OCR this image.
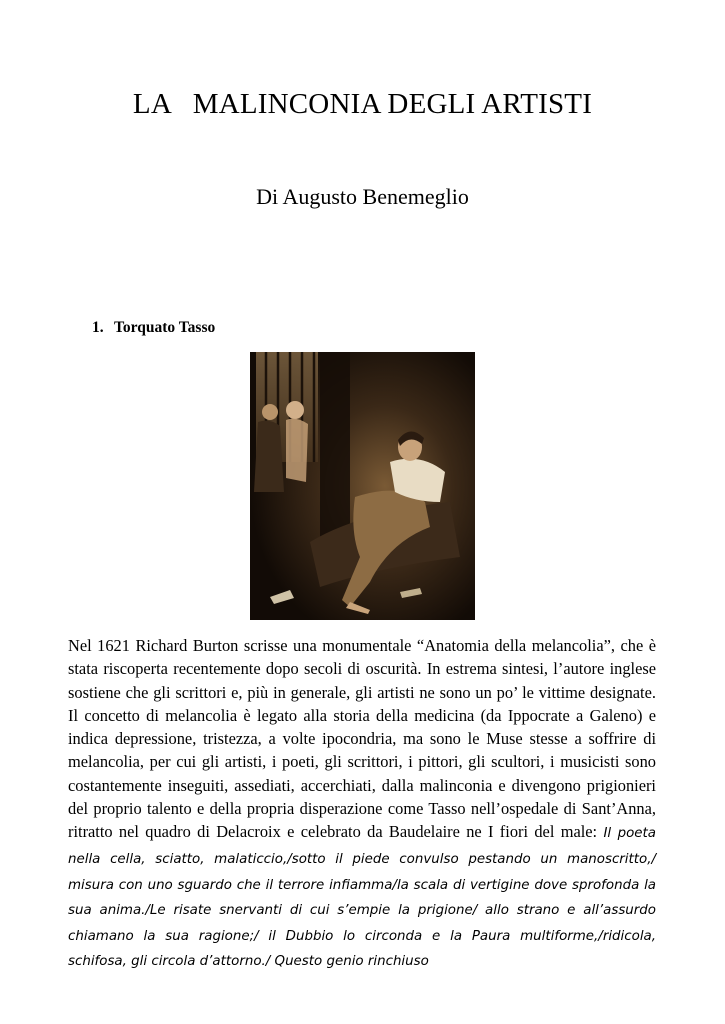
LA   MALINCONIA DEGLI ARTISTI
Di Augusto Benemeglio
1. Torquato Tasso
Nel 1621 Richard Burton scrisse una monumentale “Anatomia della melancolia”, che è stata riscoperta recentemente dopo secoli di oscurità. In estrema sintesi, l’autore inglese sostiene che gli scrittori e, più in generale, gli artisti ne sono un po’ le vittime designate. Il concetto di melancolia è legato alla storia della medicina (da Ippocrate a Galeno) e indica depressione, tristezza, a volte ipocondria, ma sono le Muse stesse a soffrire di melancolia, per cui gli artisti, i poeti, gli scrittori, i pittori, gli scultori, i musicisti sono costantemente inseguiti, assediati, accerchiati, dalla malinconia e divengono prigionieri del proprio talento e della propria disperazione come Tasso nell’ospedale di Sant’Anna, ritratto nel quadro di Delacroix e celebrato da Baudelaire ne I fiori del male: Il poeta nella cella, sciatto, malaticcio,/sotto il piede convulso pestando un manoscritto,/ misura con uno sguardo che il terrore infiamma/la scala di vertigine dove sprofonda la sua anima./Le risate snervanti di cui s’empie la prigione/ allo strano e all’assurdo chiamano la sua ragione;/ il Dubbio lo circonda e la Paura multiforme,/ridicola, schifosa, gli circola d’attorno./ Questo genio rinchiuso
